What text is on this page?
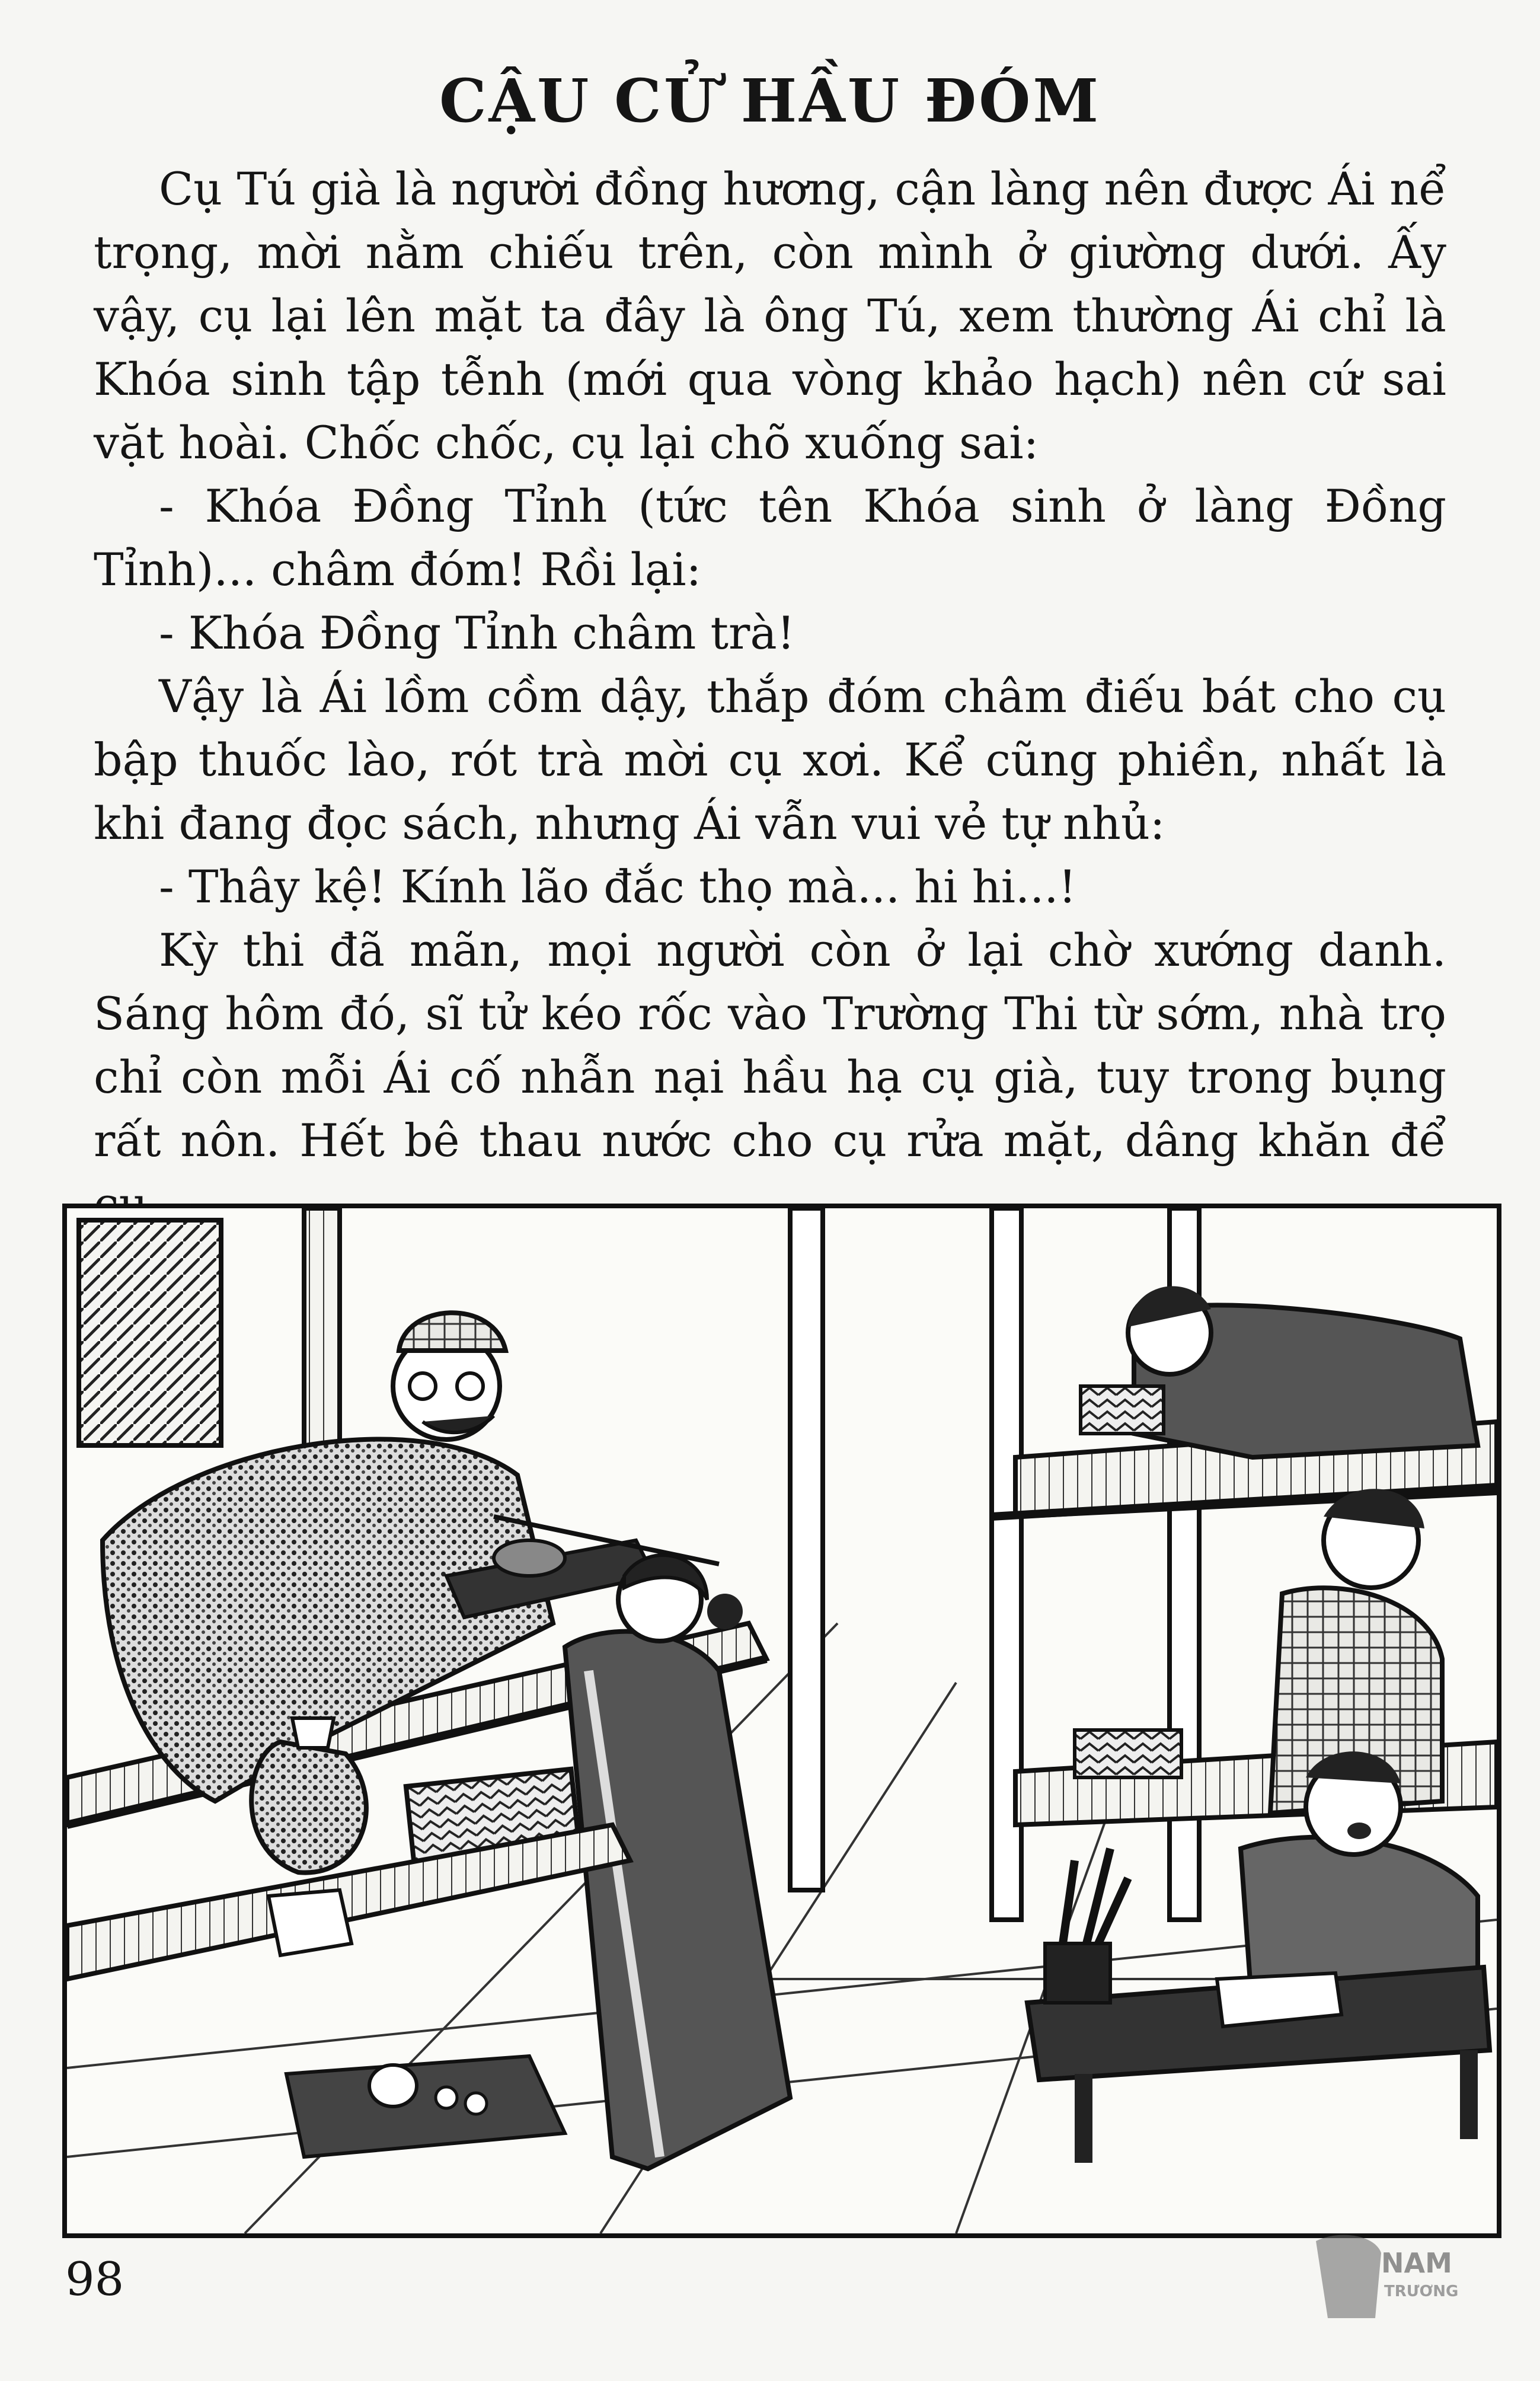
CẬU CỬ HẦU ĐÓM

Cụ Tú già là người đồng hương, cận làng nên được Ái nể trọng, mời nằm chiếu trên, còn mình ở giường dưới. Ấy vậy, cụ lại lên mặt ta đây là ông Tú, xem thường Ái chỉ là Khóa sinh tập tễnh (mới qua vòng khảo hạch) nên cứ sai vặt hoài. Chốc chốc, cụ lại chõ xuống sai:

- Khóa Đồng Tỉnh (tức tên Khóa sinh ở làng Đồng Tỉnh)... châm đóm! Rồi lại:

- Khóa Đồng Tỉnh châm trà!

Vậy là Ái lồm cồm dậy, thắp đóm châm điếu bát cho cụ bập thuốc lào, rót trà mời cụ xơi. Kể cũng phiền, nhất là khi đang đọc sách, nhưng Ái vẫn vui vẻ tự nhủ:

- Thây kệ! Kính lão đắc thọ mà... hi hi...!

Kỳ thi đã mãn, mọi người còn ở lại chờ xướng danh. Sáng hôm đó, sĩ tử kéo rốc vào Trường Thi từ sớm, nhà trọ chỉ còn mỗi Ái cố nhẫn nại hầu hạ cụ già, tuy trong bụng rất nôn. Hết bê thau nước cho cụ rửa mặt, dâng khăn để

98	NAM
TRƯƠNG
